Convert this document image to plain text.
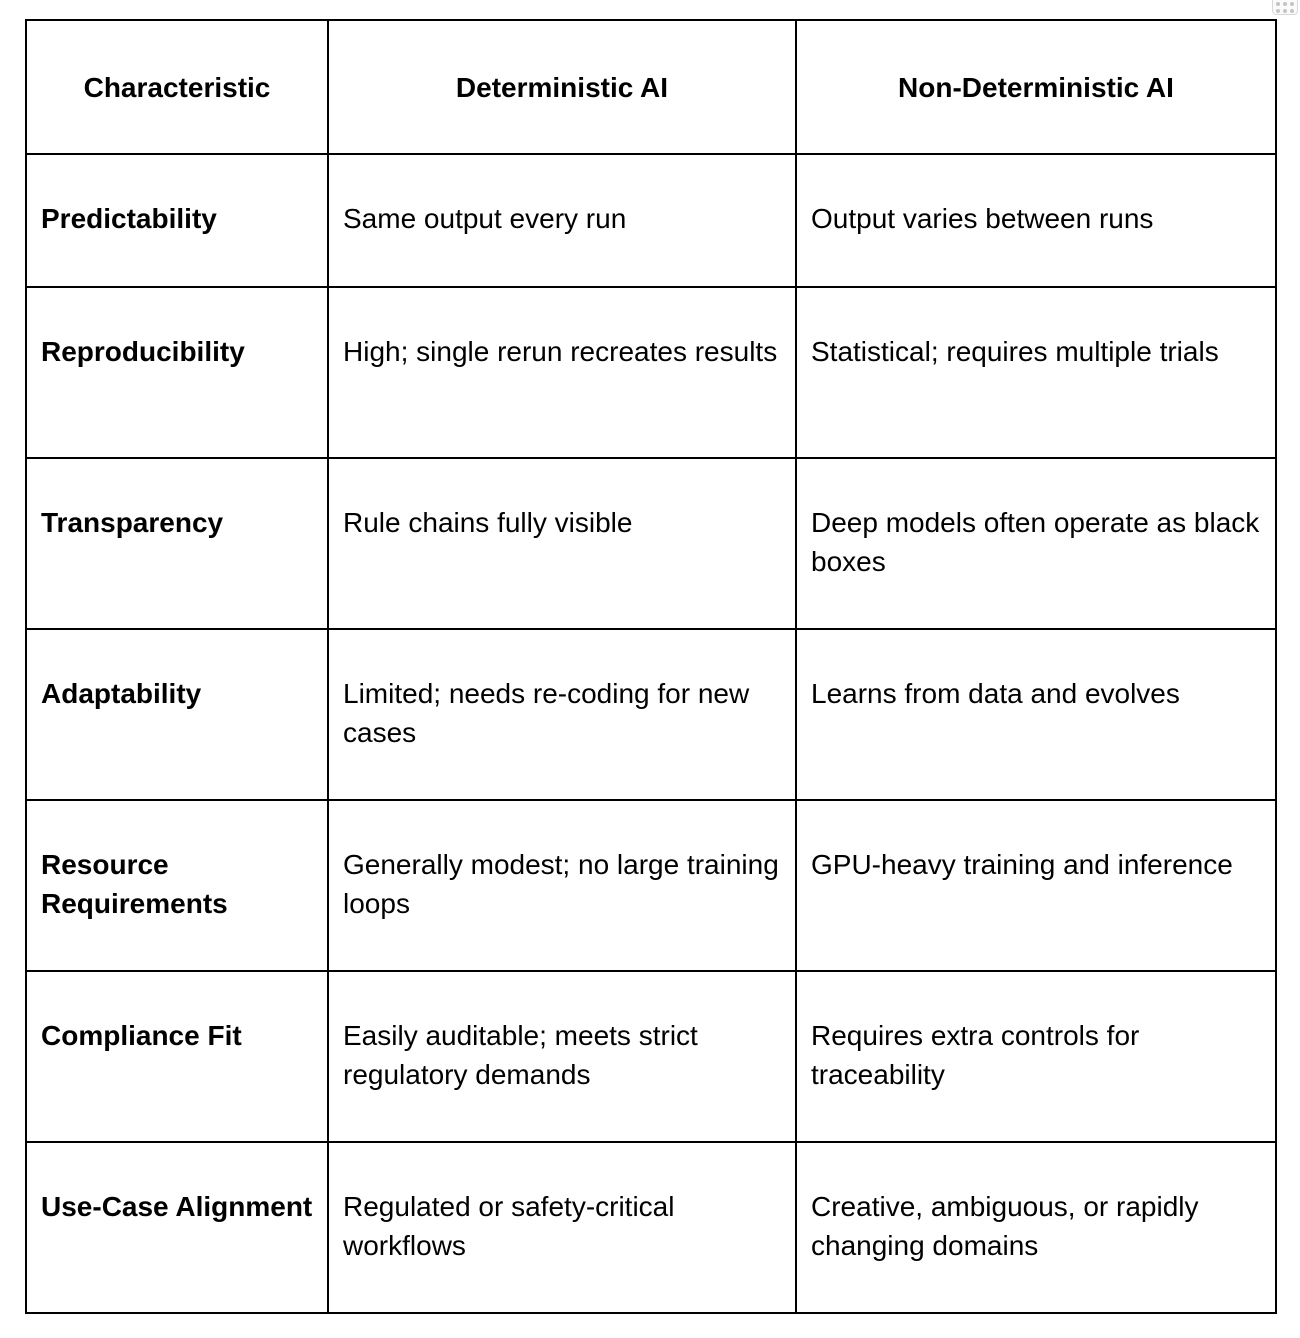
Characteristic	Deterministic AI	Non-Deterministic AI
Predictability	Same output every run	Output varies between runs
Reproducibility	High; single rerun recreates results	Statistical; requires multiple trials
Transparency	Rule chains fully visible	Deep models often operate as black boxes
Adaptability	Limited; needs re-coding for new cases	Learns from data and evolves
Resource Requirements	Generally modest; no large training loops	GPU-heavy training and inference
Compliance Fit	Easily auditable; meets strict regulatory demands	Requires extra controls for traceability
Use-Case Alignment	Regulated or safety-critical workflows	Creative, ambiguous, or rapidly changing domains
